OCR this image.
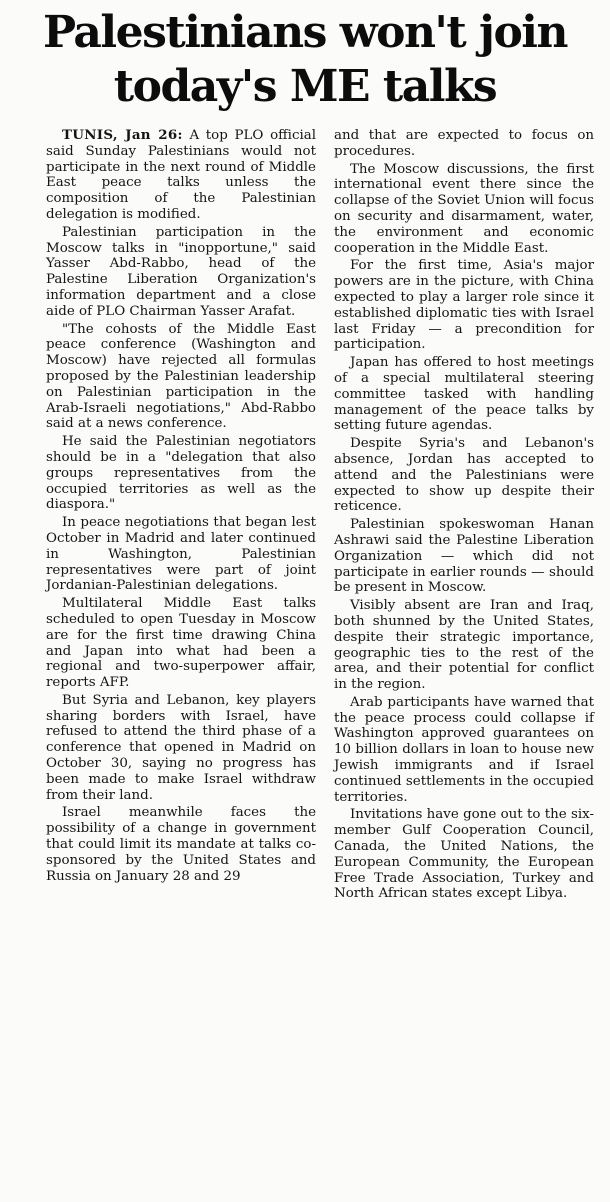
Palestinians won't join
today's ME talks

TUNIS, Jan 26: A top PLO official said Sunday Palestinians would not participate in the next round of Middle East peace talks unless the composition of the Palestinian delegation is modified.

Palestinian participation in the Moscow talks in "inopportune," said Yasser Abd-Rabbo, head of the Palestine Liberation Organization's information department and a close aide of PLO Chairman Yasser Arafat.

"The cohosts of the Middle East peace conference (Washington and Moscow) have rejected all formulas proposed by the Palestinian leadership on Palestinian participation in the Arab-Israeli negotiations," Abd-Rabbo said at a news conference.

He said the Palestinian negotiators should be in a "delegation that also groups representatives from the occupied territories as well as the diaspora."

In peace negotiations that began lest October in Madrid and later continued in Washington, Palestinian representatives were part of joint Jordanian-Palestinian delegations.

Multilateral Middle East talks scheduled to open Tuesday in Moscow are for the first time drawing China and Japan into what had been a regional and two-superpower affair, reports AFP.

But Syria and Lebanon, key players sharing borders with Israel, have refused to attend the third phase of a conference that opened in Madrid on October 30, saying no progress has been made to make Israel withdraw from their land.

Israel meanwhile faces the possibility of a change in government that could limit its mandate at talks co-sponsored by the United States and Russia on January 28 and 29

and that are expected to focus on procedures.

The Moscow discussions, the first international event there since the collapse of the Soviet Union will focus on security and disarmament, water, the environment and economic cooperation in the Middle East.

For the first time, Asia's major powers are in the picture, with China expected to play a larger role since it established diplomatic ties with Israel last Friday — a precondition for participation.

Japan has offered to host meetings of a special multilateral steering committee tasked with handling management of the peace talks by setting future agendas.

Despite Syria's and Lebanon's absence, Jordan has accepted to attend and the Palestinians were expected to show up despite their reticence.

Palestinian spokeswoman Hanan Ashrawi said the Palestine Liberation Organization — which did not participate in earlier rounds — should be present in Moscow.

Visibly absent are Iran and Iraq, both shunned by the United States, despite their strategic importance, geographic ties to the rest of the area, and their potential for conflict in the region.

Arab participants have warned that the peace process could collapse if Washington approved guarantees on 10 billion dollars in loan to house new Jewish immigrants and if Israel continued settlements in the occupied territories.

Invitations have gone out to the six-member Gulf Cooperation Council, Canada, the United Nations, the European Community, the European Free Trade Association, Turkey and North African states except Libya.
